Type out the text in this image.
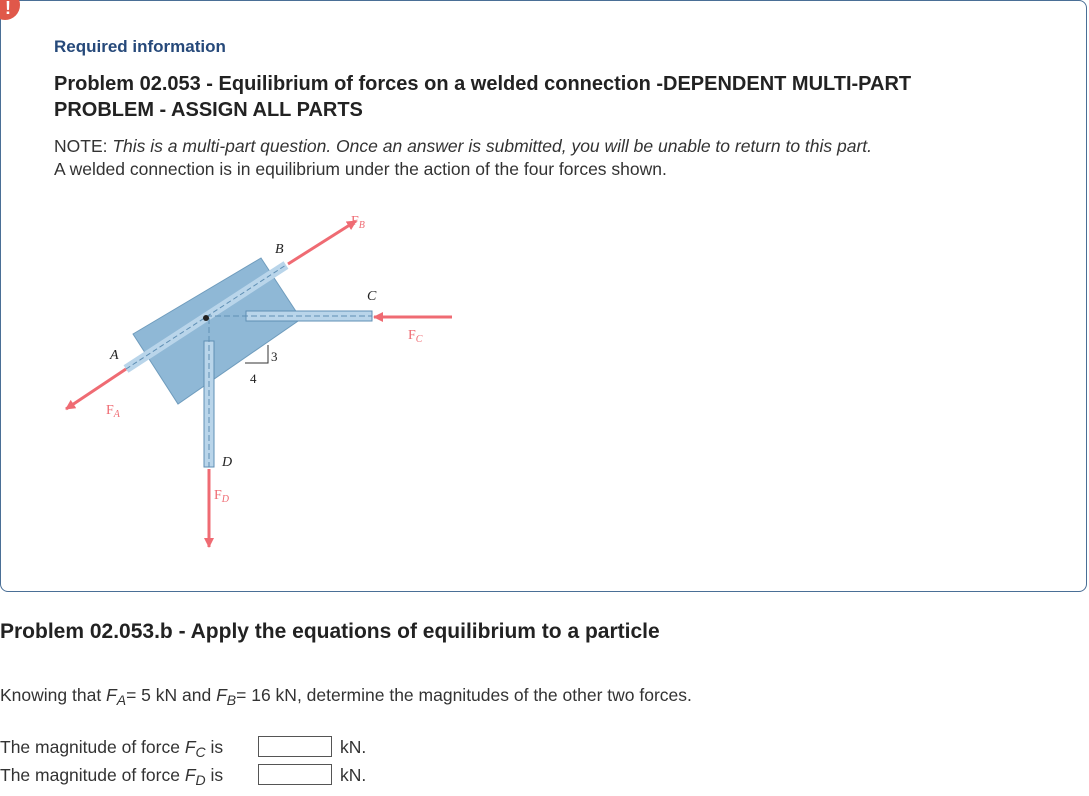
Required information
Problem 02.053 - Equilibrium of forces on a welded connection -DEPENDENT MULTI-PART PROBLEM - ASSIGN ALL PARTS
NOTE: This is a multi-part question. Once an answer is submitted, you will be unable to return to this part.
A welded connection is in equilibrium under the action of the four forces shown.
3
4
A
B
C
D
$F_A$
$F_B$
$F_C$
$F_D$
!
Problem 02.053.b - Apply the equations of equilibrium to a particle
Knowing that $F_A= 5$ kN and $F_B= 16$ kN, determine the magnitudes of the other two forces.
The magnitude of force $F_C$ is	kN.
The magnitude of force $F_D$ is	kN.
